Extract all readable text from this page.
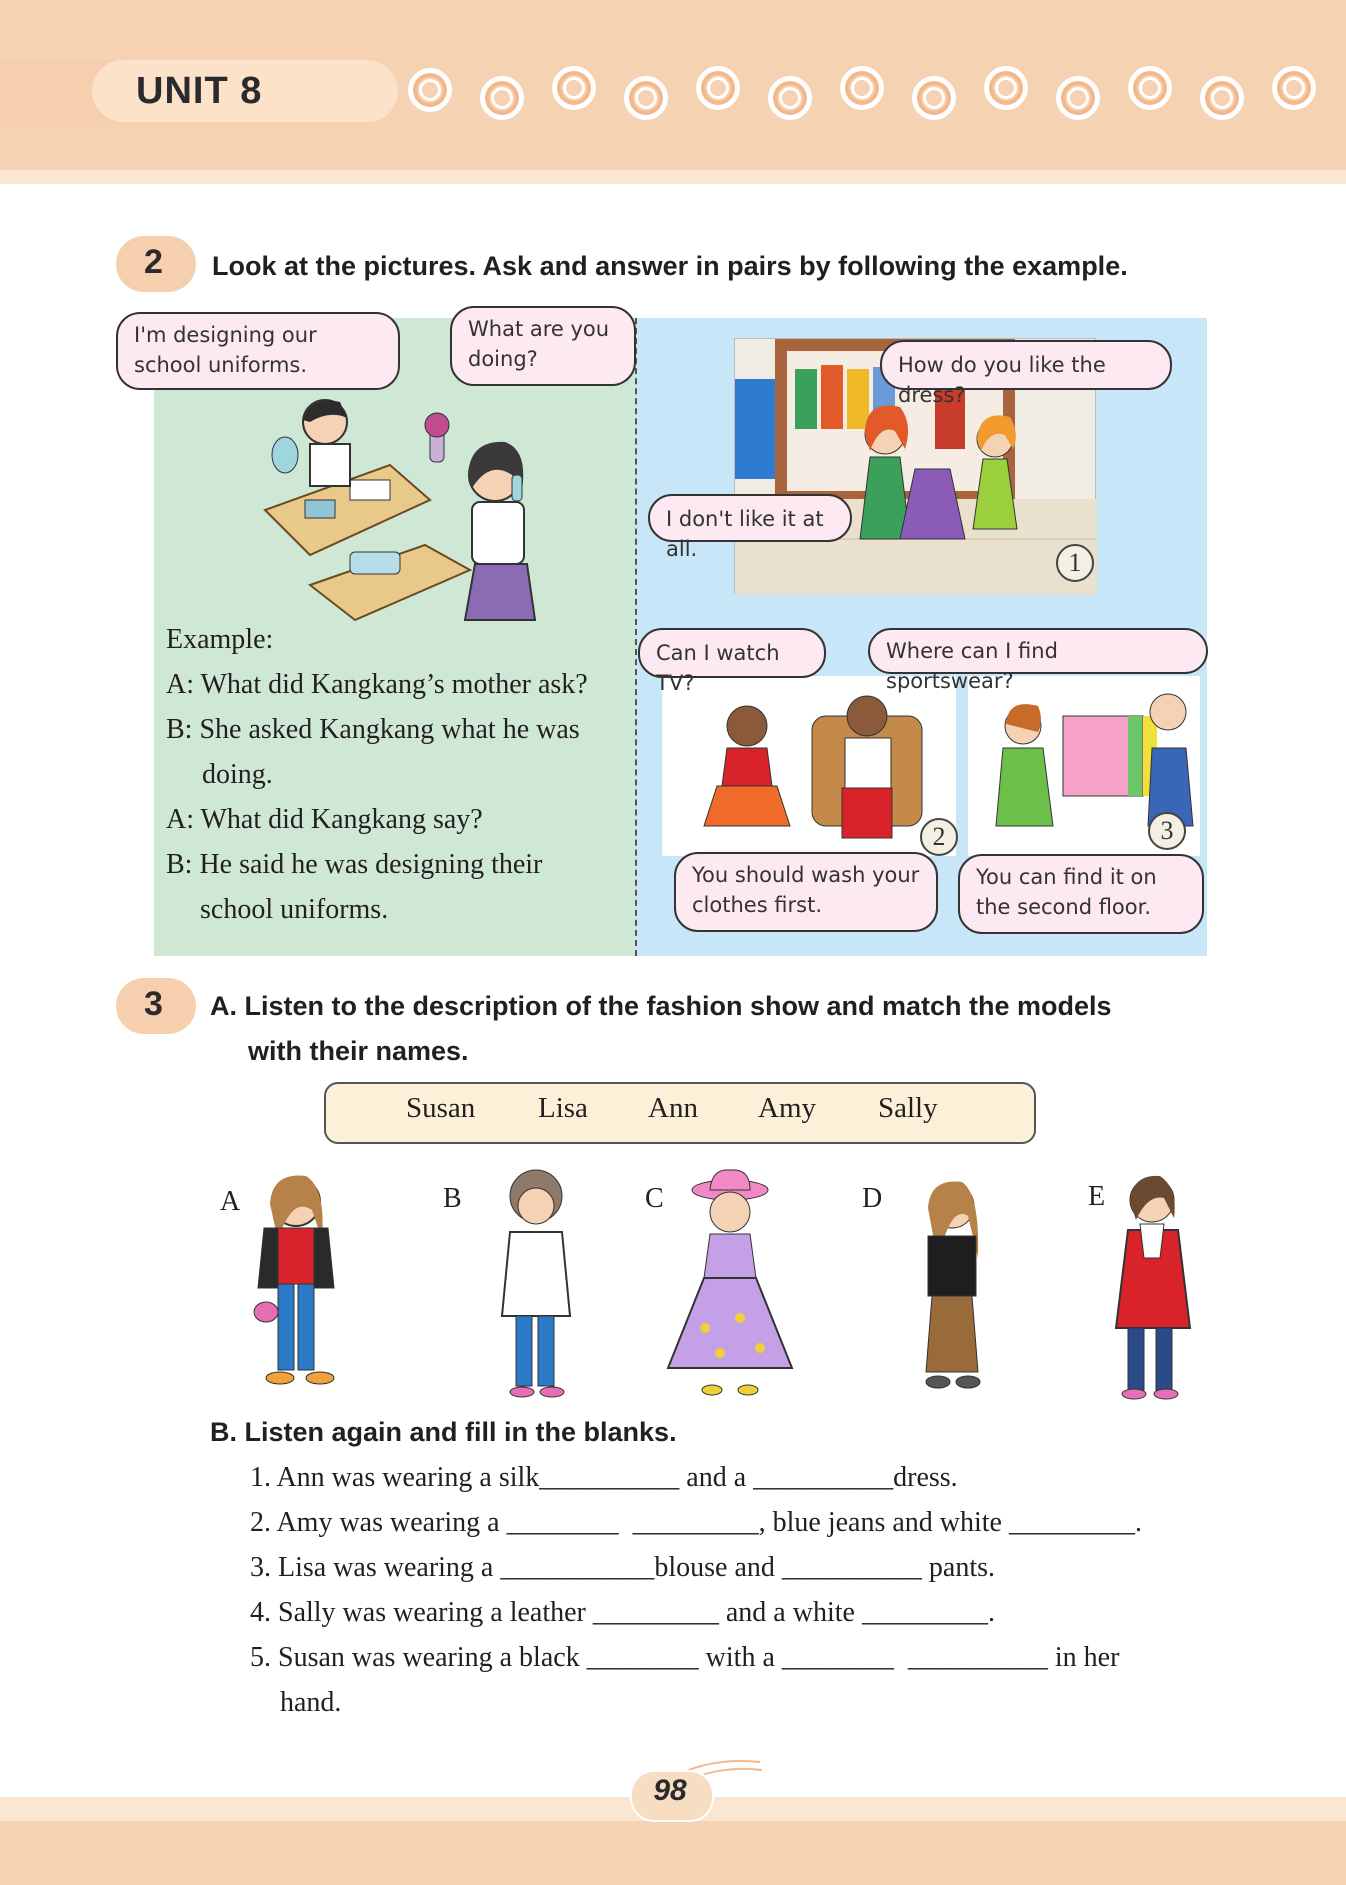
UNIT 8
2 Look at the pictures. Ask and answer in pairs by following the example.
I'm designing our school uniforms.
What are you doing?
Example:
A: What did Kangkang’s mother ask?
B: She asked Kangkang what he was
doing.
A: What did Kangkang say?
B: He said he was designing their
school uniforms.
How do you like the dress?
I don't like it at all.	1
Can I watch TV?
You should wash your clothes first.
2
Where can I find sportswear?
You can find it on the second floor.
3
3 A. Listen to the description of the fashion show and match the models
with their names.
Susan Lisa Ann Amy Sally
A	B	C	D	E
B. Listen again and fill in the blanks.
1. Ann was wearing a silk__________ and a __________dress.
2. Amy was wearing a ________  _________, blue jeans and white _________.
3. Lisa was wearing a ___________blouse and __________ pants.
4. Sally was wearing a leather _________ and a white _________.
5. Susan was wearing a black ________ with a ________  __________ in her
hand.
98
